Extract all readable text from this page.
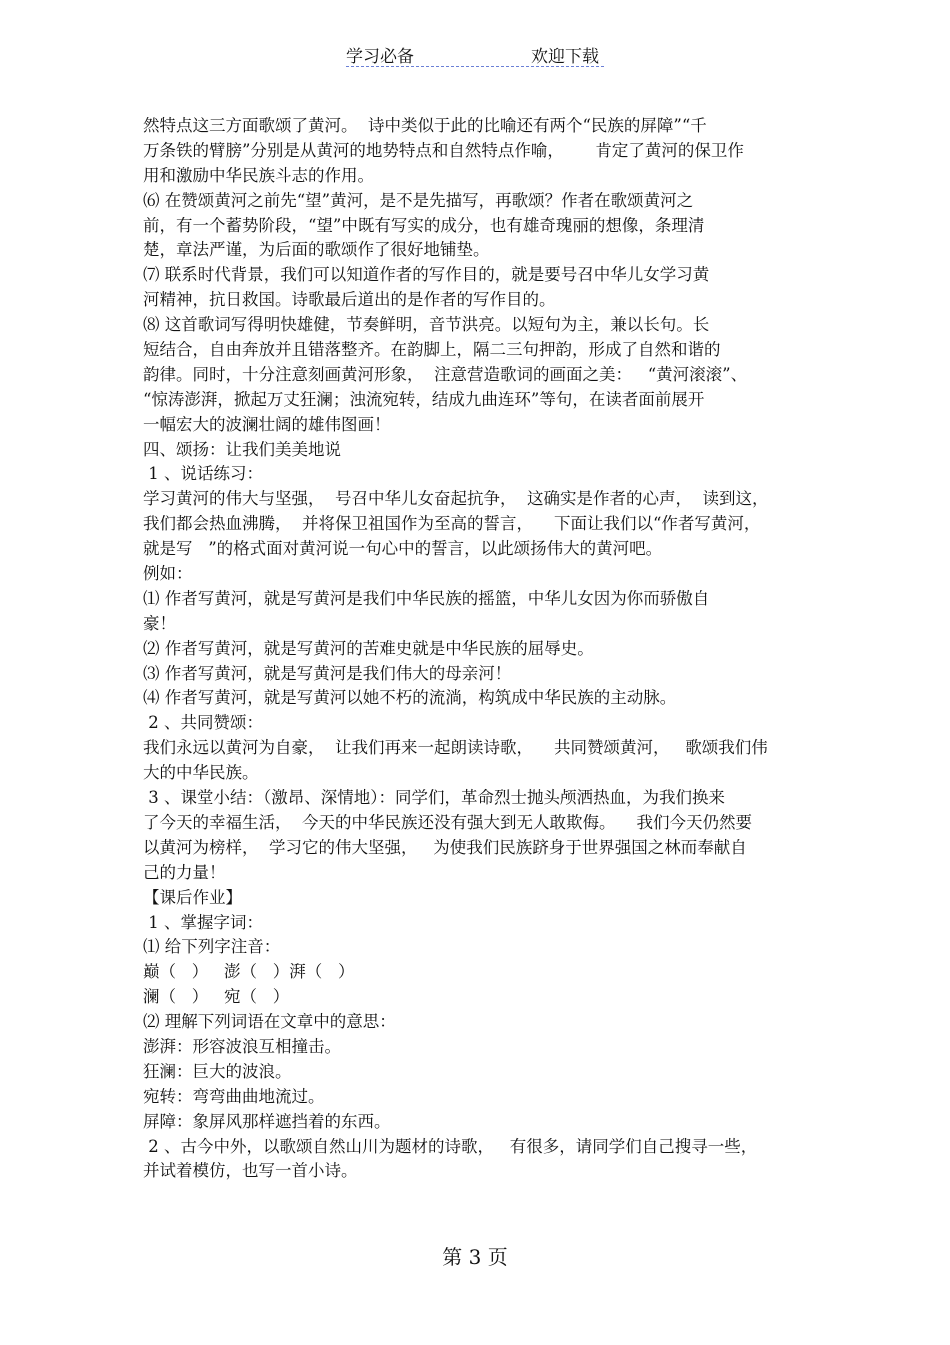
学习必备	欢迎下载
然特点这三方面歌颂了黄河。  诗中类似于此的比喻还有两个“民族的屏障”“千
万条铁的臂膀”分别是从黄河的地势特点和自然特点作喻，      肯定了黄河的保卫作
用和激励中华民族斗志的作用。
⑹ 在赞颂黄河之前先“望”黄河，是不是先描写，再歌颂？作者在歌颂黄河之
前，有一个蓄势阶段，“望”中既有写实的成分，也有雄奇瑰丽的想像，条理清
楚，章法严谨，为后面的歌颂作了很好地铺垫。
⑺ 联系时代背景，我们可以知道作者的写作目的，就是要号召中华儿女学习黄
河精神，抗日救国。诗歌最后道出的是作者的写作目的。
⑻ 这首歌词写得明快雄健，节奏鲜明，音节洪亮。以短句为主，兼以长句。长
短结合，自由奔放并且错落整齐。在韵脚上，隔二三句押韵，形成了自然和谐的
韵律。同时，十分注意刻画黄河形象，  注意营造歌词的画面之美：   “黄河滚滚”、
“惊涛澎湃，掀起万丈狂澜；浊流宛转，结成九曲连环”等句，在读者面前展开
一幅宏大的波澜壮阔的雄伟图画！
四、颂扬：让我们美美地说
1 、说话练习：
学习黄河的伟大与坚强，  号召中华儿女奋起抗争，  这确实是作者的心声，  读到这，
我们都会热血沸腾，  并将保卫祖国作为至高的誓言，    下面让我们以“作者写黄河，
就是写   ”的格式面对黄河说一句心中的誓言，以此颂扬伟大的黄河吧。
例如：
⑴ 作者写黄河，就是写黄河是我们中华民族的摇篮，中华儿女因为你而骄傲自
豪！
⑵ 作者写黄河，就是写黄河的苦难史就是中华民族的屈辱史。
⑶ 作者写黄河，就是写黄河是我们伟大的母亲河！
⑷ 作者写黄河，就是写黄河以她不朽的流淌，构筑成中华民族的主动脉。
2 、共同赞颂：
我们永远以黄河为自豪，  让我们再来一起朗读诗歌，    共同赞颂黄河，   歌颂我们伟
大的中华民族。
3 、课堂小结：（激昂、深情地）：同学们，革命烈士抛头颅洒热血，为我们换来
了今天的幸福生活，  今天的中华民族还没有强大到无人敢欺侮。    我们今天仍然要
以黄河为榜样，  学习它的伟大坚强，   为使我们民族跻身于世界强国之林而奉献自
己的力量！
【课后作业】
1 、掌握字词：
⑴ 给下列字注音：
巅（   ）   澎（   ）湃（   ）
澜（   ）   宛（   ）
⑵ 理解下列词语在文章中的意思：
澎湃：形容波浪互相撞击。
狂澜：巨大的波浪。
宛转：弯弯曲曲地流过。
屏障：象屏风那样遮挡着的东西。
2 、古今中外，以歌颂自然山川为题材的诗歌，   有很多，请同学们自己搜寻一些，
并试着模仿，也写一首小诗。
第 3 页
